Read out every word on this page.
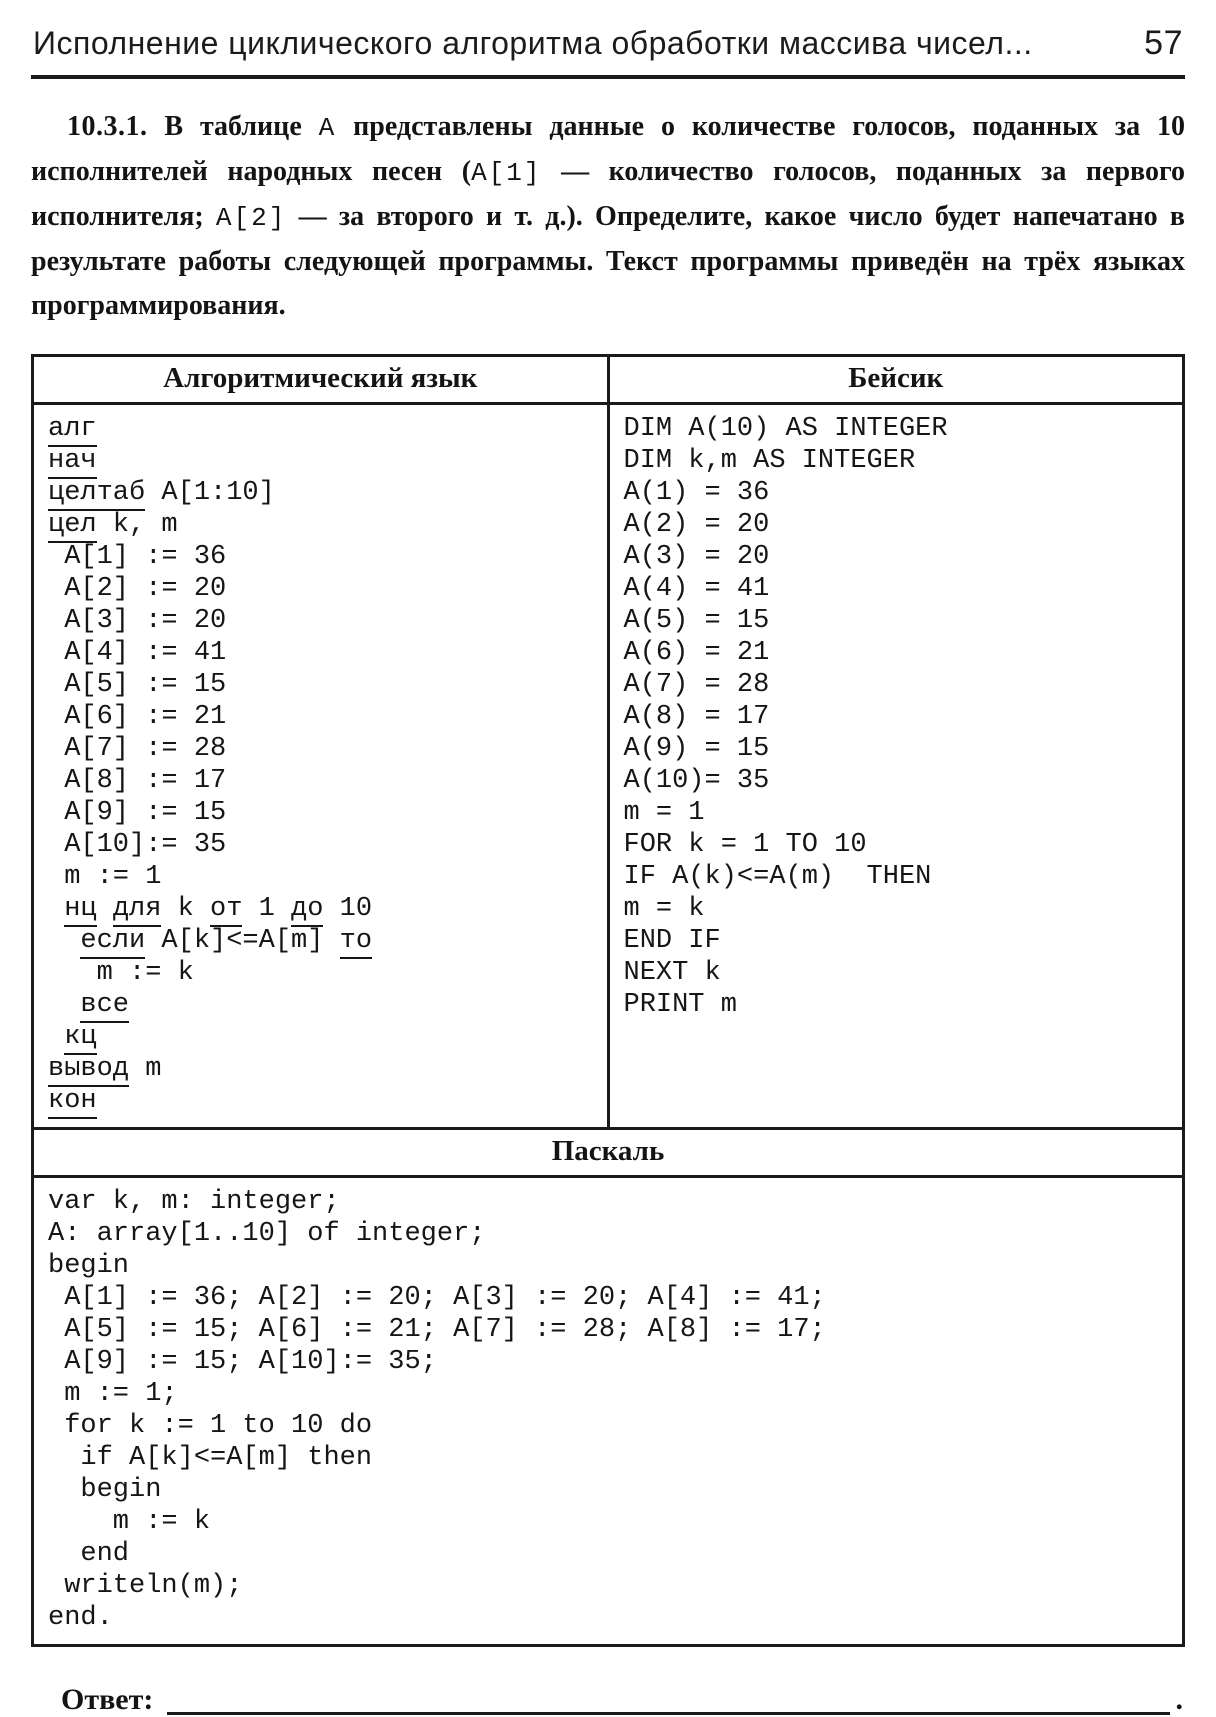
Исполнение циклического алгоритма обработки массива чисел...	57

10.3.1. В таблице A представлены данные о количестве голосов, поданных за 10 исполнителей народных песен (A[1] — количество голосов, поданных за первого исполнителя; A[2] — за второго и т. д.). Определите, какое число будет напечатано в результате работы следующей программы. Текст программы приведён на трёх языках программирования.

Алгоритмический язык	Бейсик

алг
нач
целтаб A[1:10]
цел k, m
A[1] := 36
A[2] := 20
A[3] := 20
A[4] := 41
A[5] := 15
A[6] := 21
A[7] := 28
A[8] := 17
A[9] := 15
A[10]:= 35
m := 1
нц для k от 1 до 10
если A[k]<=A[m] то
m := k
все
кц
вывод m
кон

DIM A(10) AS INTEGER
DIM k,m AS INTEGER
A(1) = 36
A(2) = 20
A(3) = 20
A(4) = 41
A(5) = 15
A(6) = 21
A(7) = 28
A(8) = 17
A(9) = 15
A(10)= 35
m = 1
FOR k = 1 TO 10
IF A(k)<=A(m)  THEN
m = k
END IF
NEXT k
PRINT m

Паскаль	

var k, m: integer;
A: array[1..10] of integer;
begin
A[1] := 36; A[2] := 20; A[3] := 20; A[4] := 41;
A[5] := 15; A[6] := 21; A[7] := 28; A[8] := 17;
A[9] := 15; A[10]:= 35;
m := 1;
for k := 1 to 10 do
if A[k]<=A[m] then
begin
m := k
end
writeln(m);
end.
Ответ:	.
